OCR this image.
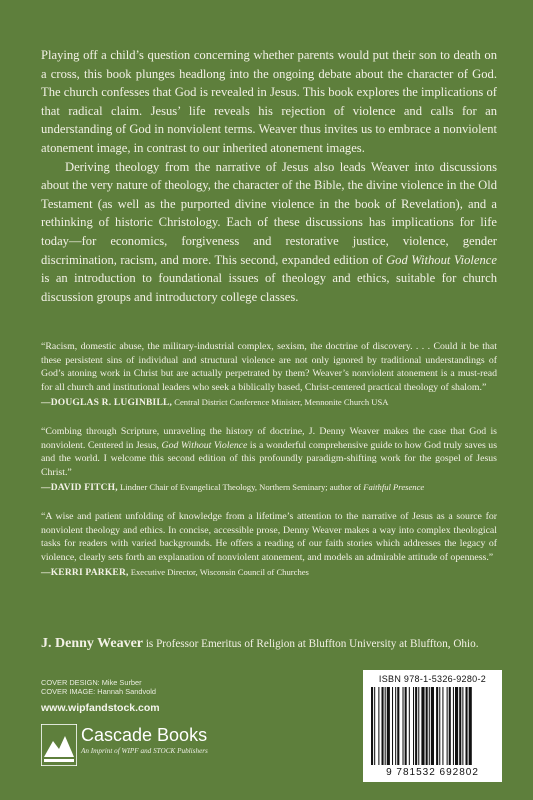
Playing off a child’s question concerning whether parents would put their son to death on a cross, this book plunges headlong into the ongoing debate about the character of God. The church confesses that God is revealed in Jesus. This book explores the implications of that radical claim. Jesus’ life reveals his rejection of violence and calls for an understanding of God in nonviolent terms. Weaver thus invites us to embrace a nonviolent atonement image, in contrast to our inherited atonement images.

Deriving theology from the narrative of Jesus also leads Weaver into discussions about the very nature of theology, the character of the Bible, the divine violence in the Old Testament (as well as the purported divine violence in the book of Revelation), and a rethinking of historic Christology. Each of these discussions has implications for life today—for economics, forgiveness and restorative justice, violence, gender discrimination, racism, and more. This second, expanded edition of God Without Violence is an introduction to foundational issues of theology and ethics, suitable for church discussion groups and introductory college classes.

“Racism, domestic abuse, the military-industrial complex, sexism, the doctrine of discovery. . . . Could it be that these persistent sins of individual and structural violence are not only ignored by traditional understandings of God’s atoning work in Christ but are actually perpetrated by them? Weaver’s nonviolent atonement is a must-read for all church and institutional leaders who seek a biblically based, Christ-centered practical theology of shalom.”

—DOUGLAS R. LUGINBILL, Central District Conference Minister, Mennonite Church USA

“Combing through Scripture, unraveling the history of doctrine, J. Denny Weaver makes the case that God is nonviolent. Centered in Jesus, God Without Violence is a wonderful comprehensive guide to how God truly saves us and the world. I welcome this second edition of this profoundly paradigm-shifting work for the gospel of Jesus Christ.”

—DAVID FITCH, Lindner Chair of Evangelical Theology, Northern Seminary; author of Faithful Presence

“A wise and patient unfolding of knowledge from a lifetime’s attention to the narrative of Jesus as a source for nonviolent theology and ethics. In concise, accessible prose, Denny Weaver makes a way into complex theological tasks for readers with varied backgrounds. He offers a reading of our faith stories which addresses the legacy of violence, clearly sets forth an explanation of nonviolent atonement, and models an admirable attitude of openness.”

—KERRI PARKER, Executive Director, Wisconsin Council of Churches
J. Denny Weaver is Professor Emeritus of Religion at Bluffton University at Bluffton, Ohio.
COVER DESIGN: Mike Surber
COVER IMAGE: Hannah Sandvold
www.wipfandstock.com
Cascade Books
An Imprint of WIPF and STOCK Publishers
ISBN 978-1-5326-9280-2
9 781532 692802
